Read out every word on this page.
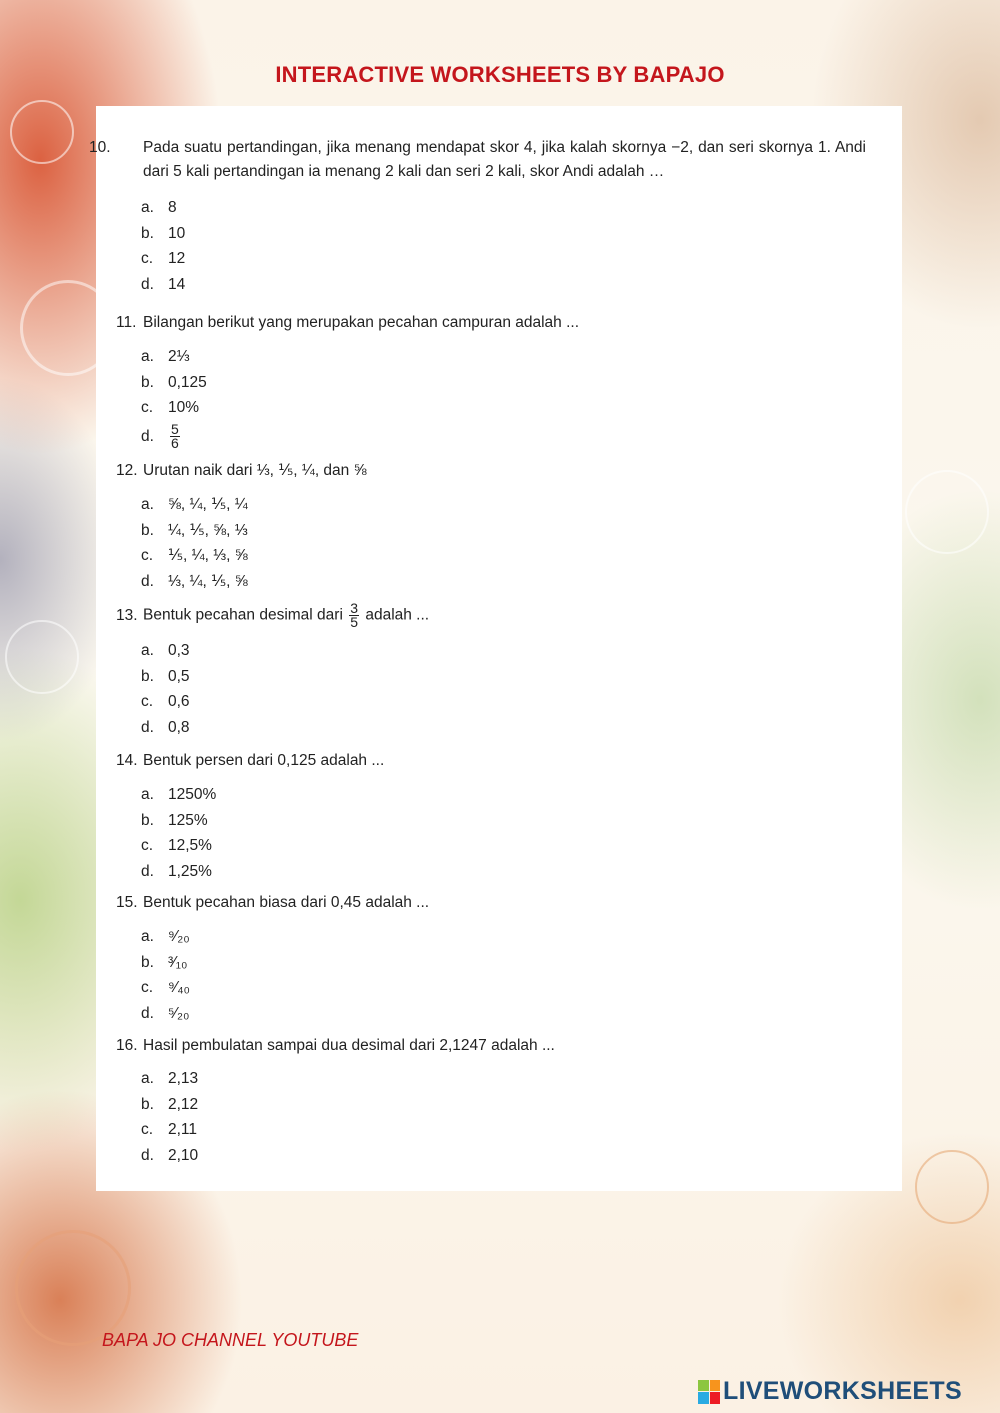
INTERACTIVE WORKSHEETS BY BAPAJO
10. Pada suatu pertandingan, jika menang mendapat skor 4, jika kalah skornya −2, dan seri skornya 1. Andi dari 5 kali pertandingan ia menang 2 kali dan seri 2 kali, skor Andi adalah …
a. 8
b. 10
c. 12
d. 14
11. Bilangan berikut yang merupakan pecahan campuran adalah ...
a. 2⅓
b. 0,125
c. 10%
d. $\frac{5}{6}$
12. Urutan naik dari ⅓, ⅕, ¼, dan ⅝
a. ⅝, ¼, ⅕, ¼
b. ¼, ⅕, ⅝, ⅓
c. ⅕, ¼, ⅓, ⅝
d. ⅓, ¼, ⅕, ⅝
13. Bentuk pecahan desimal dari $\frac{3}{5}$ adalah ...
a. 0,3
b. 0,5
c. 0,6
d. 0,8
14. Bentuk persen dari 0,125 adalah ...
a. 1250%
b. 125%
c. 12,5%
d. 1,25%
15. Bentuk pecahan biasa dari 0,45 adalah ...
a. ⁹⁄₂₀
b. ³⁄₁₀
c. ⁹⁄₄₀
d. ⁵⁄₂₀
16. Hasil pembulatan sampai dua desimal dari 2,1247 adalah ...
a. 2,13
b. 2,12
c. 2,11
d. 2,10
BAPA JO CHANNEL YOUTUBE
LIVEWORKSHEETS
